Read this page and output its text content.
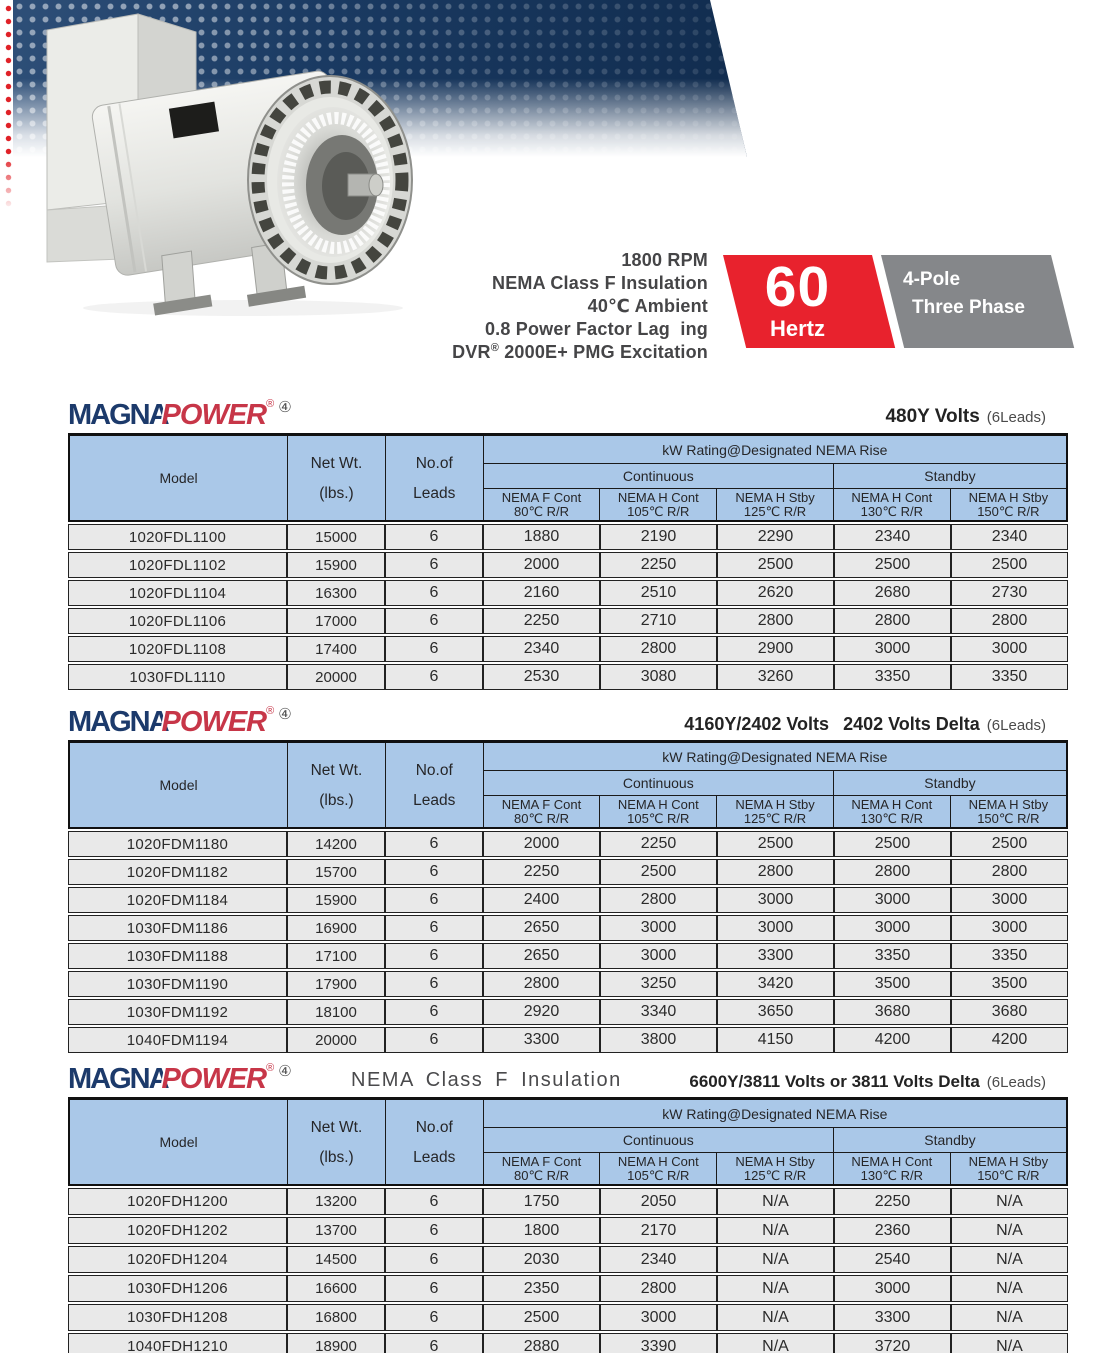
1800 RPM
NEMA Class F Insulation
40℃ Ambient
0.8 Power Factor Lag  ing
DVR® 2000E+ PMG Excitation
60
Hertz
4-Pole
Three Phase
MAGNAPOWER® ④	480Y Volts (6Leads)
Model	
Net Wt.
(lbs.)

No.of
Leads
	kW Rating@Designated NEMA Rise
			Continuous			Standby	

NEMA F Cont
80℃ R/R

NEMA H Cont
105℃ R/R

NEMA H Stby
125℃ R/R

NEMA H Cont
130℃ R/R

NEMA H Stby
150℃ R/R
1020FDL1100	15000	6	1880	2190	2290	2340	2340
1020FDL1102	15900	6	2000	2250	2500	2500	2500
1020FDL1104	16300	6	2160	2510	2620	2680	2730
1020FDL1106	17000	6	2250	2710	2800	2800	2800
1020FDL1108	17400	6	2340	2800	2900	3000	3000
1030FDL1110	20000	6	2530	3080	3260	3350	3350
MAGNAPOWER® ④	4160Y/2402 Volts 2402 Volts Delta (6Leads)
Model	
Net Wt.
(lbs.)

No.of
Leads
	kW Rating@Designated NEMA Rise
			Continuous			Standby	

NEMA F Cont
80℃ R/R

NEMA H Cont
105℃ R/R

NEMA H Stby
125℃ R/R

NEMA H Cont
130℃ R/R

NEMA H Stby
150℃ R/R
1020FDM1180	14200	6	2000	2250	2500	2500	2500
1020FDM1182	15700	6	2250	2500	2800	2800	2800
1020FDM1184	15900	6	2400	2800	3000	3000	3000
1030FDM1186	16900	6	2650	3000	3000	3000	3000
1030FDM1188	17100	6	2650	3000	3300	3350	3350
1030FDM1190	17900	6	2800	3250	3420	3500	3500
1030FDM1192	18100	6	2920	3340	3650	3680	3680
1040FDM1194	20000	6	3300	3800	4150	4200	4200
MAGNAPOWER® ④	NEMA Class F Insulation	6600Y/3811 Volts or 3811 Volts Delta (6Leads)
Model	
Net Wt.
(lbs.)

No.of
Leads
	kW Rating@Designated NEMA Rise
			Continuous			Standby	

NEMA F Cont
80℃ R/R

NEMA H Cont
105℃ R/R

NEMA H Stby
125℃ R/R

NEMA H Cont
130℃ R/R

NEMA H Stby
150℃ R/R
1020FDH1200	13200	6	1750	2050	N/A	2250	N/A
1020FDH1202	13700	6	1800	2170	N/A	2360	N/A
1020FDH1204	14500	6	2030	2340	N/A	2540	N/A
1030FDH1206	16600	6	2350	2800	N/A	3000	N/A
1030FDH1208	16800	6	2500	3000	N/A	3300	N/A
1040FDH1210	18900	6	2880	3390	N/A	3720	N/A
